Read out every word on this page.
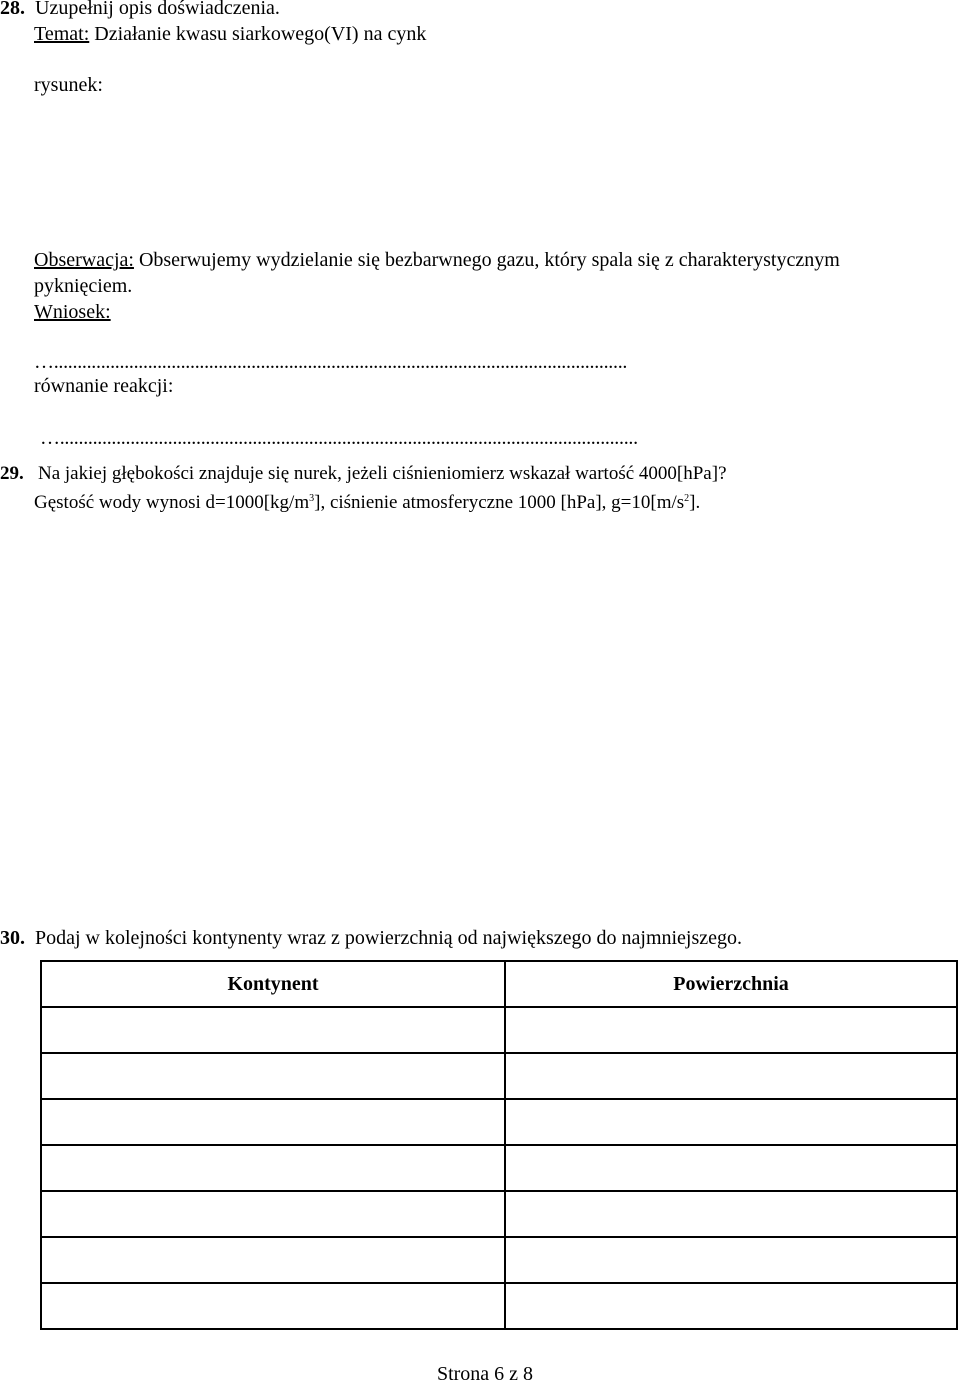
28. Uzupełnij opis doświadczenia.
Temat: Działanie kwasu siarkowego(VI) na cynk
rysunek:
Obserwacja: Obserwujemy wydzielanie się bezbarwnego gazu, który spala się z charakterystycznym
pyknięciem.
Wniosek:
…..........................................................................................................................
równanie reakcji:
…...........................................................................................................................
29. Na jakiej głębokości znajduje się nurek, jeżeli ciśnieniomierz wskazał wartość 4000[hPa]?
Gęstość wody wynosi $d=1000[kg/m^3]$, ciśnienie atmosferyczne 1000 [hPa], $g=10[m/s^2]$.
30. Podaj w kolejności kontynenty wraz z powierzchnią od największego do najmniejszego.
Kontynent	Powierzchnia

Strona 6 z 8
